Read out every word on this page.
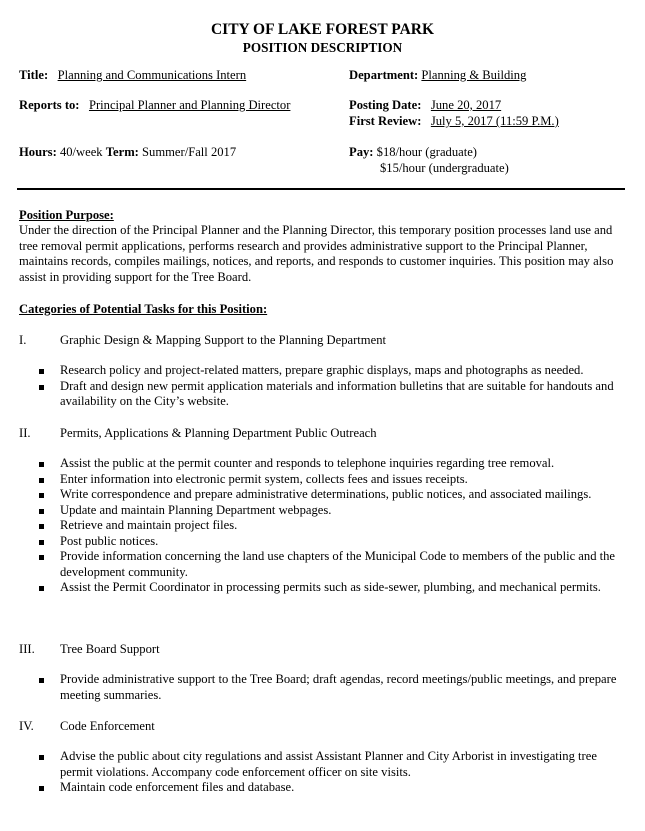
CITY OF LAKE FOREST PARK
POSITION DESCRIPTION
Title: Planning and Communications Intern	Department: Planning & Building
Reports to: Principal Planner and Planning Director	Posting Date: June 20, 2017
First Review: July 5, 2017 (11:59 P.M.)
Hours: 40/week Term: Summer/Fall 2017	Pay: $18/hour (graduate)
$15/hour (undergraduate)
Position Purpose:
Under the direction of the Principal Planner and the Planning Director, this temporary position processes land use and tree removal permit applications, performs research and provides administrative support to the Principal Planner, maintains records, compiles mailings, notices, and reports, and responds to customer inquiries. This position may also assist in providing support for the Tree Board.
Categories of Potential Tasks for this Position:
I.	Graphic Design & Mapping Support to the Planning Department
Research policy and project-related matters, prepare graphic displays, maps and photographs as needed.
Draft and design new permit application materials and information bulletins that are suitable for handouts and availability on the City’s website.
II. Permits, Applications & Planning Department Public Outreach
Assist the public at the permit counter and responds to telephone inquiries regarding tree removal.
Enter information into electronic permit system, collects fees and issues receipts.
Write correspondence and prepare administrative determinations, public notices, and associated mailings.
Update and maintain Planning Department webpages.
Retrieve and maintain project files.
Post public notices.
Provide information concerning the land use chapters of the Municipal Code to members of the public and the development community.
Assist the Permit Coordinator in processing permits such as side-sewer, plumbing, and mechanical permits.
III. Tree Board Support
Provide administrative support to the Tree Board; draft agendas, record meetings/public meetings, and prepare meeting summaries.
IV. Code Enforcement
Advise the public about city regulations and assist Assistant Planner and City Arborist in investigating tree permit violations. Accompany code enforcement officer on site visits.
Maintain code enforcement files and database.
